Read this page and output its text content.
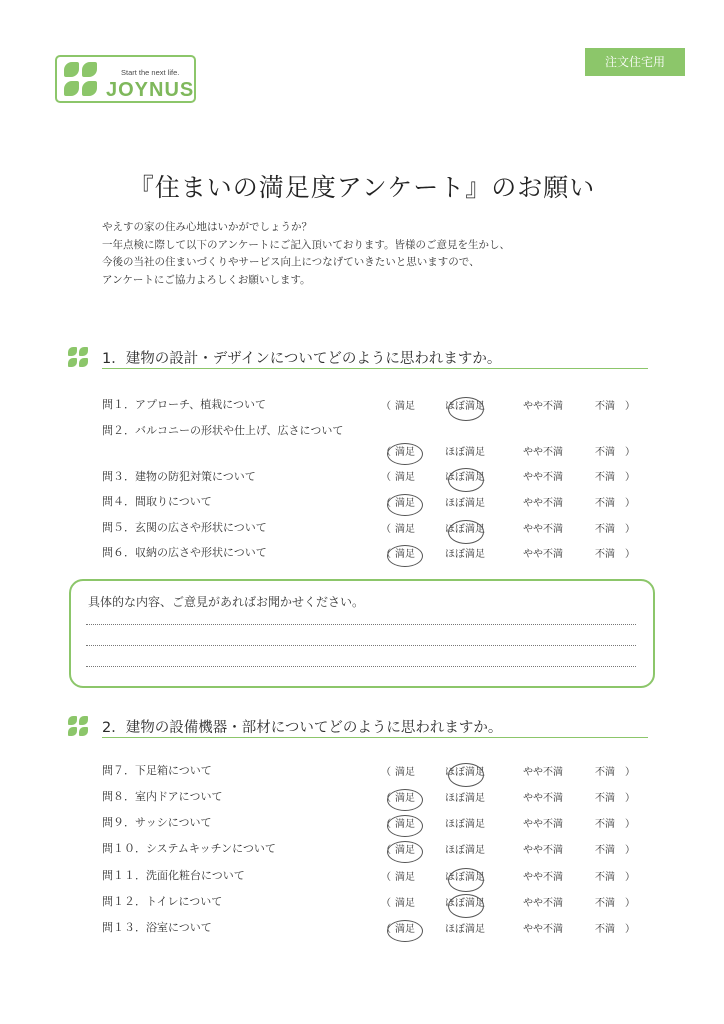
Start the next life.
JOYNUS
注文住宅用
『住まいの満足度アンケート』のお願い
やえすの家の住み心地はいかがでしょうか？
一年点検に際して以下のアンケートにご記入頂いております。皆様のご意見を生かし、
今後の当社の住まいづくりやサービス向上につなげていきたいと思いますので、
アンケートにご協力よろしくお願いします。
1．建物の設計・デザインについてどのように思われますか。
問１．アプローチ、植栽について	（ 満足	ほぼ満足	やや不満	不満 ）
問２．バルコニーの形状や仕上げ、広さについて
（ 満足	ほぼ満足	やや不満	不満 ）
問３．建物の防犯対策について	（ 満足	ほぼ満足	やや不満	不満 ）
問４．間取りについて	（ 満足	ほぼ満足	やや不満	不満 ）
問５．玄関の広さや形状について	（ 満足	ほぼ満足	やや不満	不満 ）
問６．収納の広さや形状について	（ 満足	ほぼ満足	やや不満	不満 ）
具体的な内容、ご意見があればお聞かせください。
2．建物の設備機器・部材についてどのように思われますか。
問７．下足箱について	（ 満足	ほぼ満足	やや不満	不満 ）
問８．室内ドアについて	（ 満足	ほぼ満足	やや不満	不満 ）
問９．サッシについて	（ 満足	ほぼ満足	やや不満	不満 ）
問１０．システムキッチンについて	（ 満足	ほぼ満足	やや不満	不満 ）
問１１．洗面化粧台について	（ 満足	ほぼ満足	やや不満	不満 ）
問１２．トイレについて	（ 満足	ほぼ満足	やや不満	不満 ）
問１３．浴室について	（ 満足	ほぼ満足	やや不満	不満 ）
